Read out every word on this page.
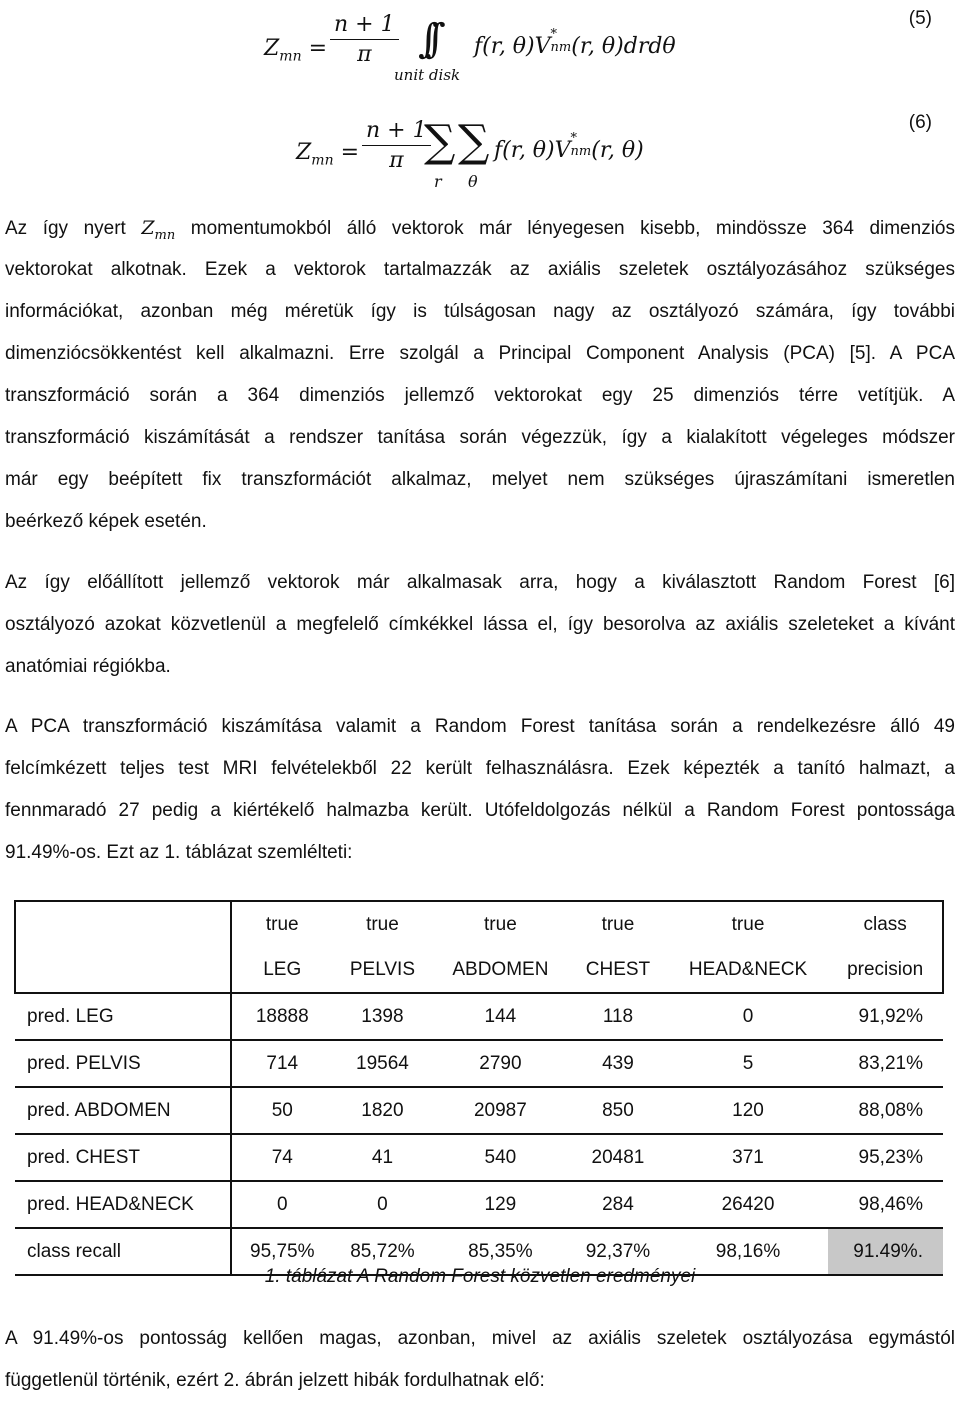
$Z_{mn} = \frac{n + 1}{\pi}$ ∫∫
unit disk
f(r, θ)V *
nm (r, θ)drdθ
(5)
$Z_{mn} = \frac{n + 1}{\pi}$
∑
r
∑
θ
f(r, θ)V *
nm (r, θ)
(6)
Az így nyert $Z_{mn}$ momentumokból álló vektorok már lényegesen kisebb, mindössze 364 dimenziós
vektorokat alkotnak. Ezek a vektorok tartalmazzák az axiális szeletek osztályozásához szükséges
információkat, azonban még méretük így is túlságosan nagy az osztályozó számára, így további
dimenziócsökkentést kell alkalmazni. Erre szolgál a Principal Component Analysis (PCA) [5]. A PCA
transzformáció során a 364 dimenziós jellemző vektorokat egy 25 dimenziós térre vetítjük. A
transzformáció kiszámítását a rendszer tanítása során végezzük, így a kialakított végeleges módszer
már egy beépített fix transzformációt alkalmaz, melyet nem szükséges újraszámítani ismeretlen
beérkező képek esetén.
Az így előállított jellemző vektorok már alkalmasak arra, hogy a kiválasztott Random Forest [6]
osztályozó azokat közvetlenül a megfelelő címkékkel lássa el, így besorolva az axiális szeleteket a kívánt
anatómiai régiókba.
A PCA transzformáció kiszámítása valamit a Random Forest tanítása során a rendelkezésre álló 49
felcímkézett teljes test MRI felvételekből 22 került felhasználásra. Ezek képezték a tanító halmazt, a
fennmaradó 27 pedig a kiértékelő halmazba került. Utófeldolgozás nélkül a Random Forest pontossága
91.49%-os. Ezt az 1. táblázat szemlélteti:
	true	true	true	true	true	class
	LEG	PELVIS	ABDOMEN	CHEST	HEAD&NECK	precision
pred. LEG	18888	1398	144	118	0	91,92%
pred. PELVIS	714	19564	2790	439	5	83,21%
pred. ABDOMEN	50	1820	20987	850	120	88,08%
pred. CHEST	74	41	540	20481	371	95,23%
pred. HEAD&NECK	0	0	129	284	26420	98,46%
class recall	95,75%	85,72%	85,35%	92,37%	98,16%	91.49%.
1. táblázat A Random Forest közvetlen eredményei
A 91.49%-os pontosság kellően magas, azonban, mivel az axiális szeletek osztályozása egymástól
függetlenül történik, ezért 2. ábrán jelzett hibák fordulhatnak elő:
